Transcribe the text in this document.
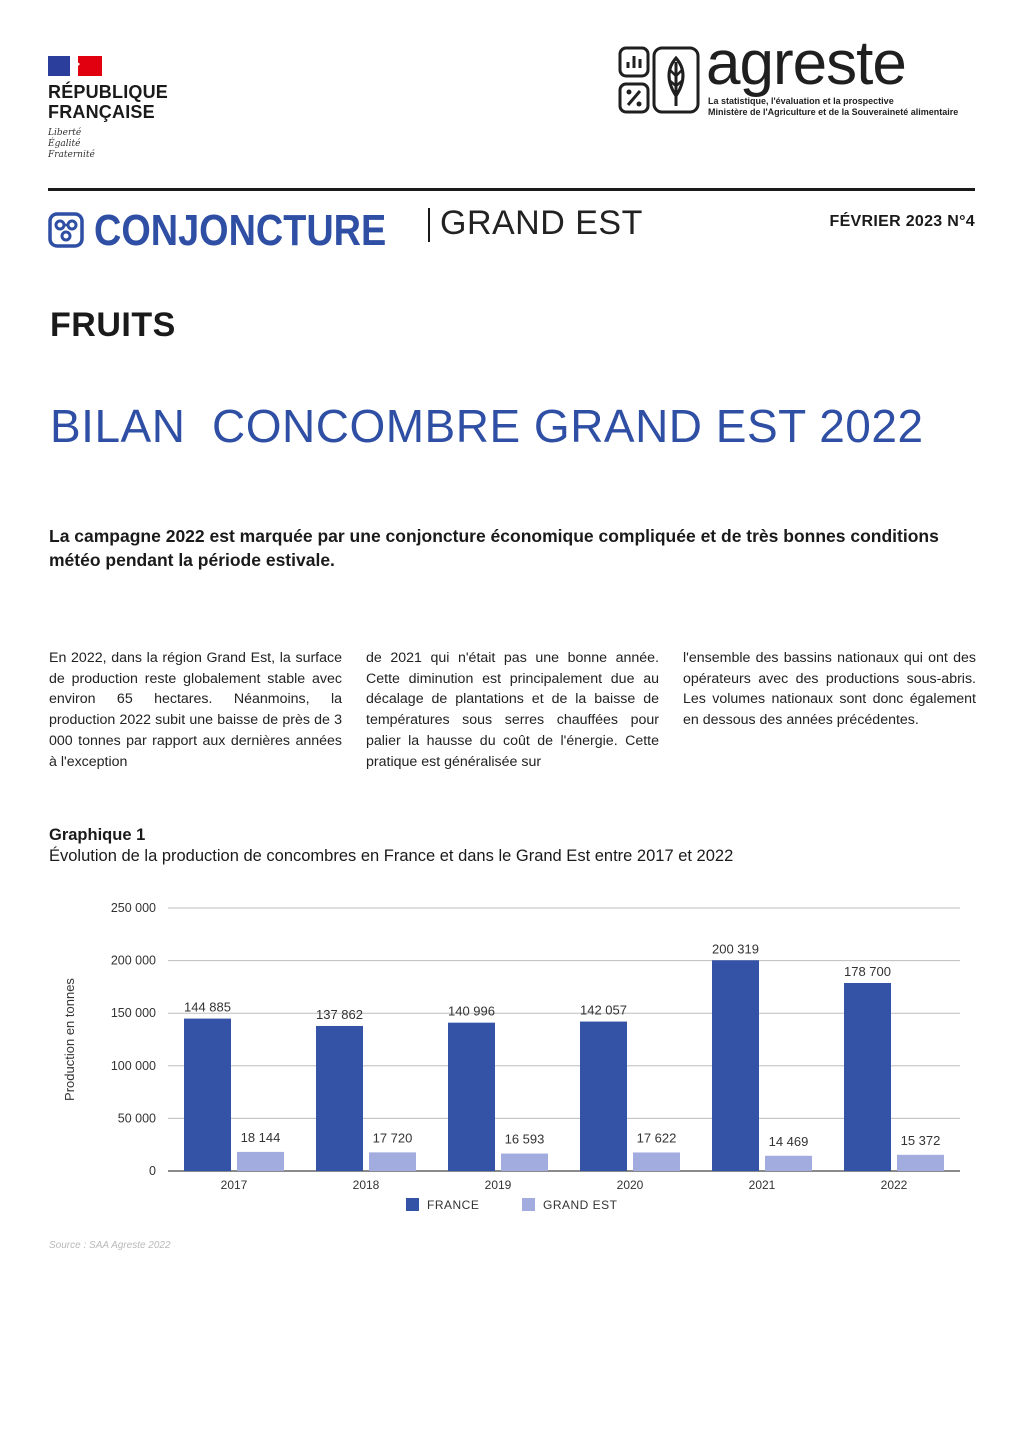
RÉPUBLIQUE
FRANÇAISE
Liberté
Égalité
Fraternité
agreste
La statistique, l'évaluation et la prospective
Ministère de l'Agriculture et de la Souveraineté alimentaire
CONJONCTURE GRAND EST	FÉVRIER 2023 N°4
FRUITS
BILAN  CONCOMBRE GRAND EST 2022
La campagne 2022 est marquée par une conjoncture économique compliquée et de très bonnes conditions météo pendant la période estivale.
En 2022, dans la région Grand Est, la surface de production reste globalement stable avec environ 65 hectares. Néanmoins, la production 2022 subit une baisse de près de 3 000 tonnes par rapport aux dernières années à l'exception
de 2021 qui n'était pas une bonne année. Cette diminution est principalement due au décalage de plantations et de la baisse de températures sous serres chauffées pour palier la hausse du coût de l'énergie. Cette pratique est généralisée sur
l'ensemble des bassins nationaux qui ont des opérateurs avec des productions sous-abris. Les volumes nationaux sont donc également en dessous des années précédentes.
Graphique 1
Évolution de la production de concombres en France et dans le Grand Est entre 2017 et 2022
0
50 000
100 000
150 000
200 000
250 000
Production en tonnes	144 885
18 144
2017
137 862
17 720
2018
140 996
16 593
2019
142 057
17 622
2020
200 319
14 469
2021
178 700
15 372
2022
FRANCE	GRAND EST
Source : SAA Agreste 2022
